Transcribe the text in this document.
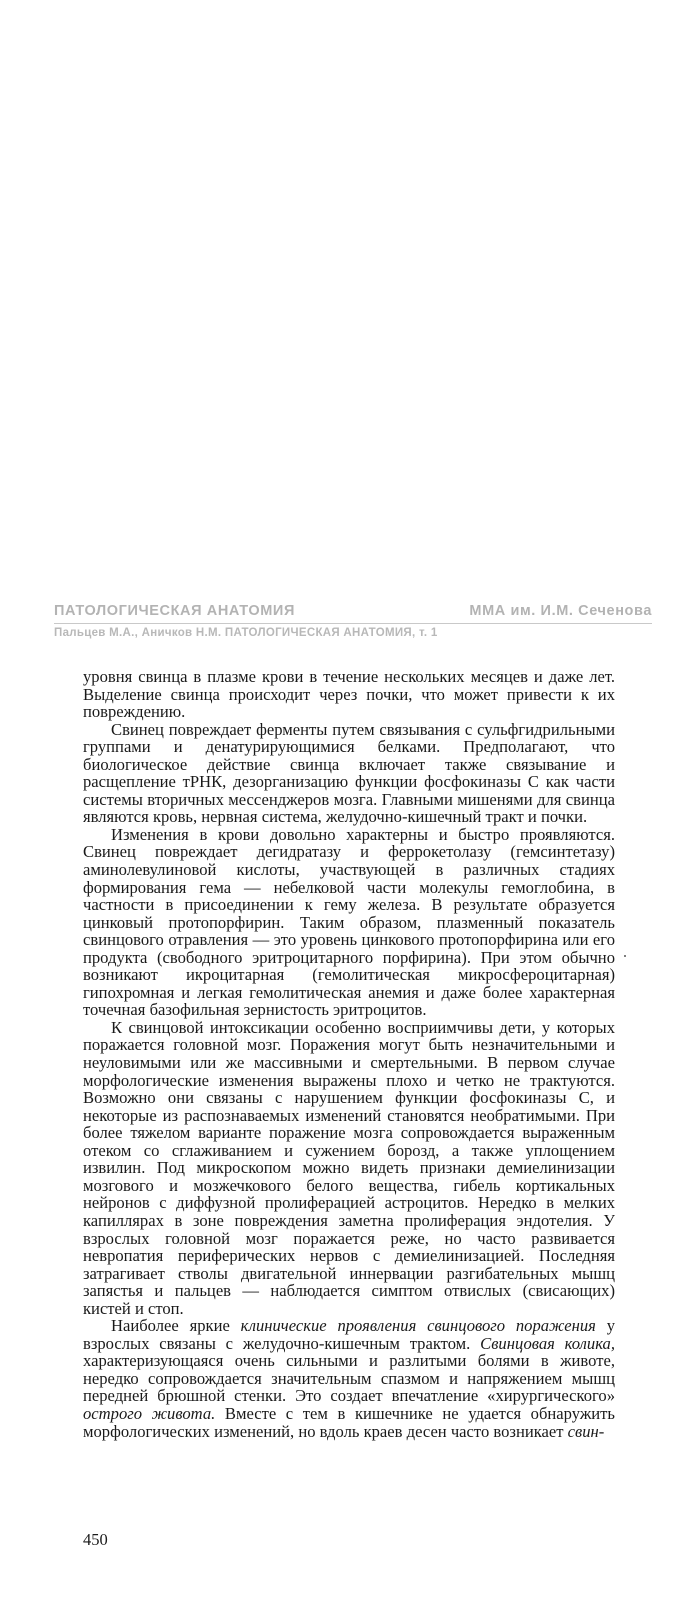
ПАТОЛОГИЧЕСКАЯ АНАТОМИЯ	ММА им. И.М. Сеченова
Пальцев М.А., Аничков Н.М. ПАТОЛОГИЧЕСКАЯ АНАТОМИЯ, т. 1

уровня свинца в плазме крови в течение нескольких месяцев и даже лет. Выделение свинца происходит через почки, что может привести к их повреждению.

Свинец повреждает ферменты путем связывания с сульфгидрильными группами и денатурирующимися белками. Предполагают, что биологическое действие свинца включает также связывание и расщепление тРНК, дезорганизацию функции фосфокиназы С как части системы вторичных мессенджеров мозга. Главными мишенями для свинца являются кровь, нервная система, желудочно-кишечный тракт и почки.

Изменения в крови довольно характерны и быстро проявляются. Свинец повреждает дегидратазу и феррокетолазу (гемсинтетазу) аминолевулиновой кислоты, участвующей в различных стадиях формирования гема — небелковой части молекулы гемоглобина, в частности в присоединении к гему железа. В результате образуется цинковый протопорфирин. Таким образом, плазменный показатель свинцового отравления — это уровень цинкового протопорфирина или его продукта (свободного эритроцитарного порфирина). При этом обычно возникают икроцитарная (гемолитическая микросфероцитарная) гипохромная и легкая гемолитическая анемия и даже более характерная точечная базофильная зернистость эритроцитов.

К свинцовой интоксикации особенно восприимчивы дети, у которых поражается головной мозг. Поражения могут быть незначительными и неуловимыми или же массивными и смертельными. В первом случае морфологические изменения выражены плохо и четко не трактуются. Возможно они связаны с нарушением функции фосфокиназы С, и некоторые из распознаваемых изменений становятся необратимыми. При более тяжелом варианте поражение мозга сопровождается выраженным отеком со сглаживанием и сужением борозд, а также уплощением извилин. Под микроскопом можно видеть признаки демиелинизации мозгового и мозжечкового белого вещества, гибель кортикальных нейронов с диффузной пролиферацией астроцитов. Нередко в мелких капиллярах в зоне повреждения заметна пролиферация эндотелия. У взрослых головной мозг поражается реже, но часто развивается невропатия периферических нервов с демиелинизацией. Последняя затрагивает стволы двигательной иннервации разгибательных мышц запястья и пальцев — наблюдается симптом отвислых (свисающих) кистей и стоп.

Наиболее яркие клинические проявления свинцового поражения у взрослых связаны с желудочно-кишечным трактом. Свинцовая колика, характеризующаяся очень сильными и разлитыми болями в животе, нередко сопровождается значительным спазмом и напряжением мышц передней брюшной стенки. Это создает впечатление «хирургического» острого живота. Вместе с тем в кишечнике не удается обнаружить морфологических изменений, но вдоль краев десен часто возникает свин-

450
